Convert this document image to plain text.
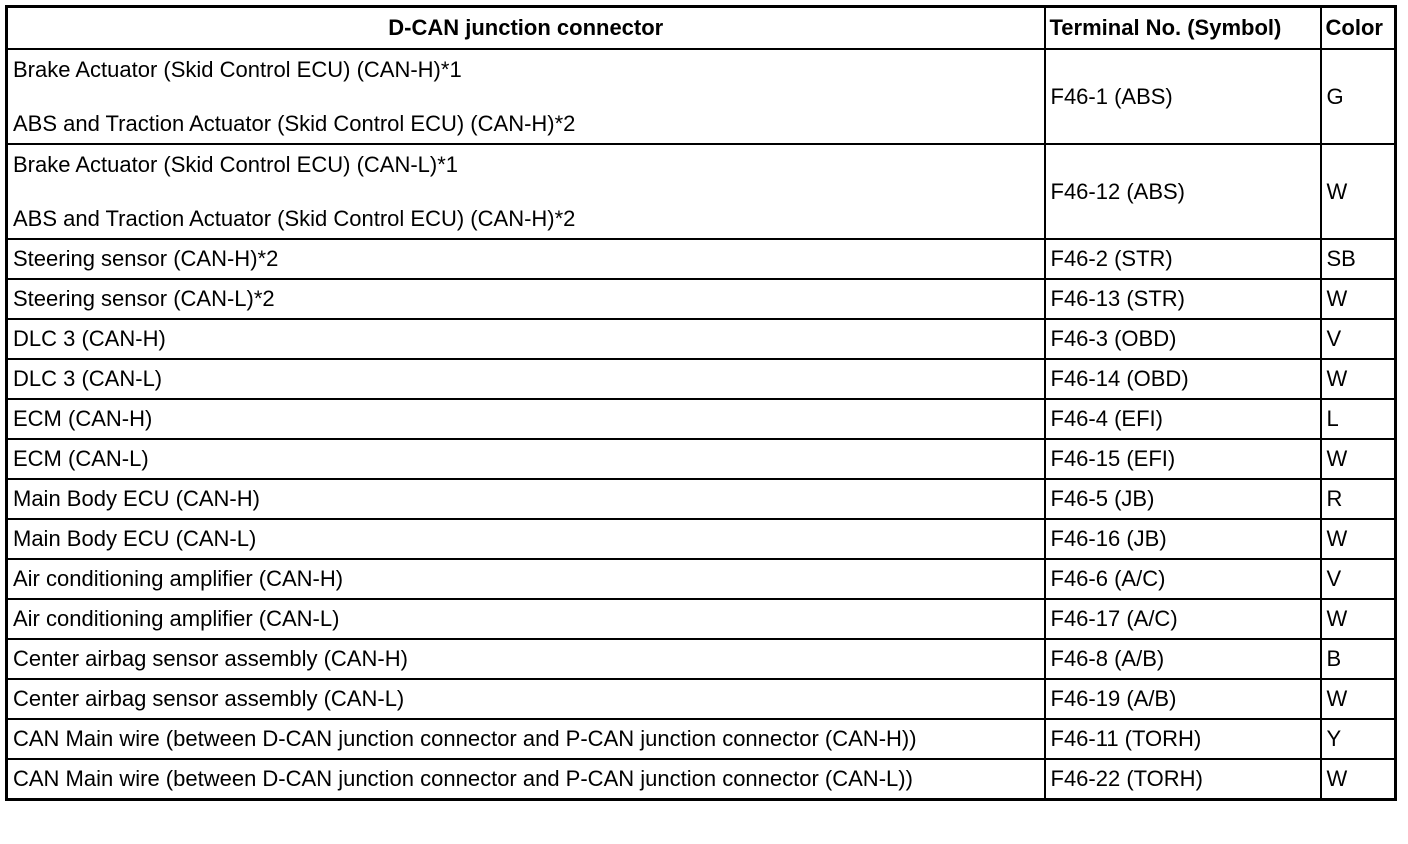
D-CAN junction connector	Terminal No. (Symbol)	Color

Brake Actuator (Skid Control ECU) (CAN-H)*1
ABS and Traction Actuator (Skid Control ECU) (CAN-H)*2	F46-1 (ABS)	G

Brake Actuator (Skid Control ECU) (CAN-L)*1
ABS and Traction Actuator (Skid Control ECU) (CAN-H)*2	F46-12 (ABS)	W
Steering sensor (CAN-H)*2	F46-2 (STR)	SB
Steering sensor (CAN-L)*2	F46-13 (STR)	W
DLC 3 (CAN-H)	F46-3 (OBD)	V
DLC 3 (CAN-L)	F46-14 (OBD)	W
ECM (CAN-H)	F46-4 (EFI)	L
ECM (CAN-L)	F46-15 (EFI)	W
Main Body ECU (CAN-H)	F46-5 (JB)	R
Main Body ECU (CAN-L)	F46-16 (JB)	W
Air conditioning amplifier (CAN-H)	F46-6 (A/C)	V
Air conditioning amplifier (CAN-L)	F46-17 (A/C)	W
Center airbag sensor assembly (CAN-H)	F46-8 (A/B)	B
Center airbag sensor assembly (CAN-L)	F46-19 (A/B)	W
CAN Main wire (between D-CAN junction connector and P-CAN junction connector (CAN-H))	F46-11 (TORH)	Y
CAN Main wire (between D-CAN junction connector and P-CAN junction connector (CAN-L))	F46-22 (TORH)	W
